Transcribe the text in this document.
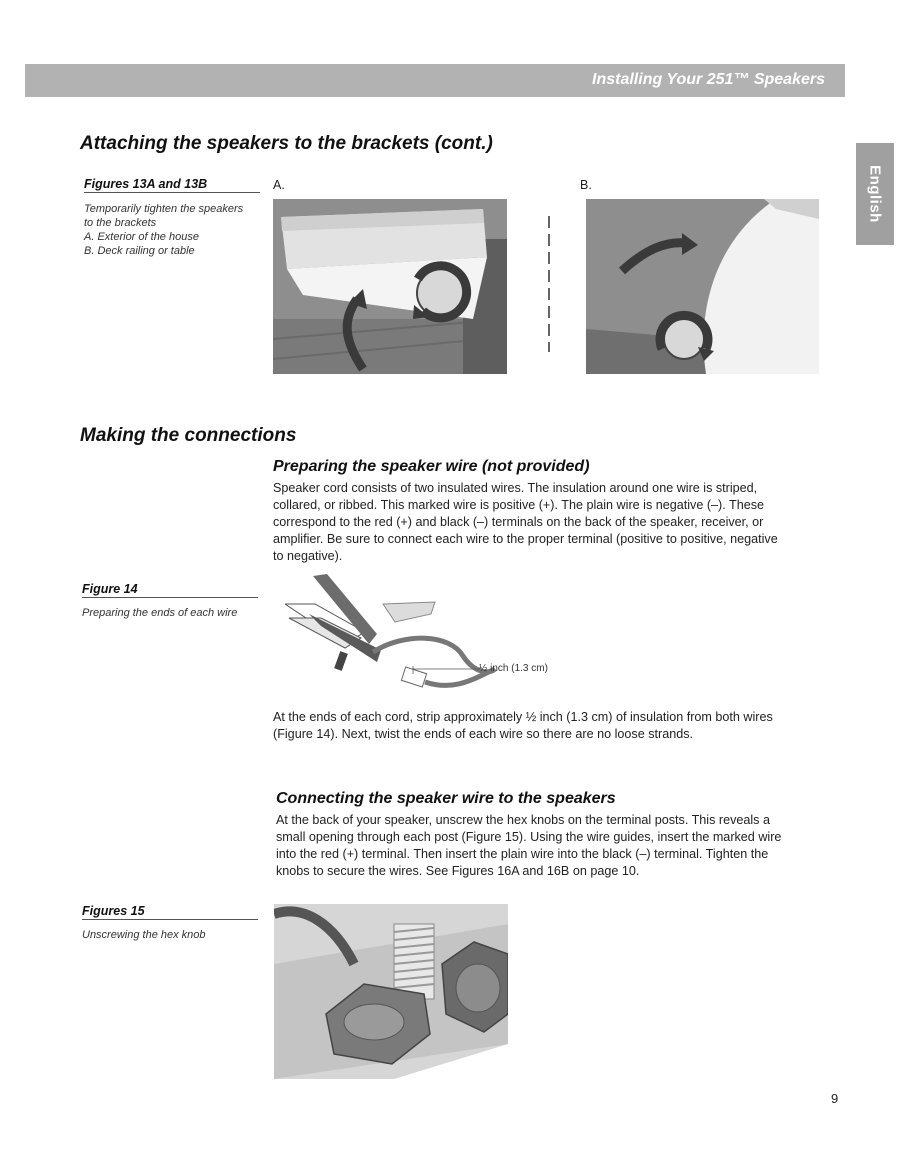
Installing Your 251™ Speakers
English
Attaching the speakers to the brackets (cont.)
Figures 13A and 13B
Temporarily tighten the speakers
to the brackets
A. Exterior of the house
B. Deck railing or table
A.	B.
Making the connections
Preparing the speaker wire (not provided)
Speaker cord consists of two insulated wires. The insulation around one wire is striped,
collared, or ribbed. This marked wire is positive (+). The plain wire is negative (–). These
correspond to the red (+) and black (–) terminals on the back of the speaker, receiver, or
amplifier. Be sure to connect each wire to the proper terminal (positive to positive, negative
to negative).
Figure 14
Preparing the ends of each wire
½ inch (1.3 cm)
At the ends of each cord, strip approximately ½ inch (1.3 cm) of insulation from both wires
(Figure 14). Next, twist the ends of each wire so there are no loose strands.
Connecting the speaker wire to the speakers
At the back of your speaker, unscrew the hex knobs on the terminal posts. This reveals a
small opening through each post (Figure 15). Using the wire guides, insert the marked wire
into the red (+) terminal. Then insert the plain wire into the black (–) terminal. Tighten the
knobs to secure the wires. See Figures 16A and 16B on page 10.
Figures 15
Unscrewing the hex knob
9
